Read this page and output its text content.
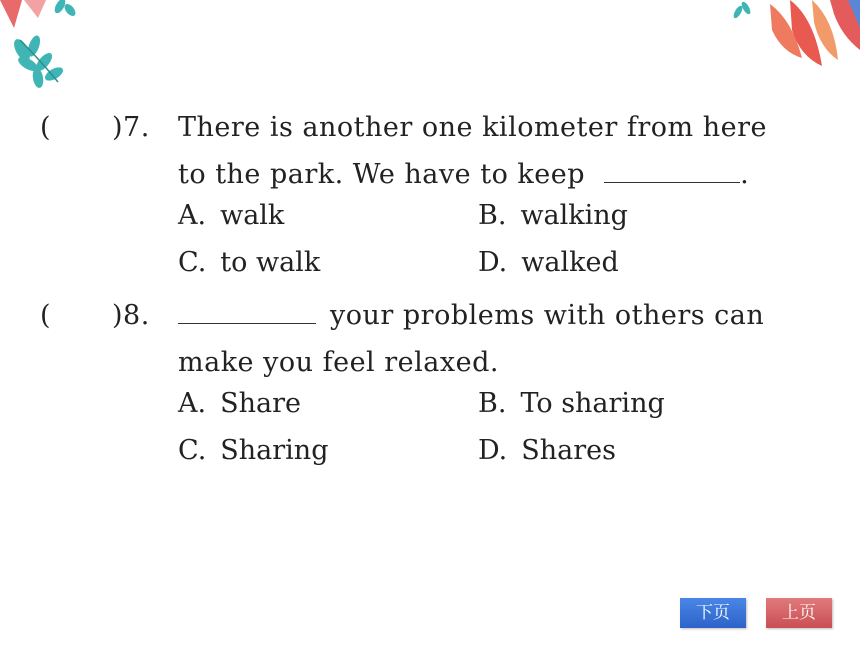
( )7. There is another one kilometer from here
to the park. We have to keep	.
A. walk	B. walking
C. to walk	D. walked
( )8.	your problems with others can
make you feel relaxed.
A. Share	B. To sharing
C. Sharing	D. Shares
下页	上页
